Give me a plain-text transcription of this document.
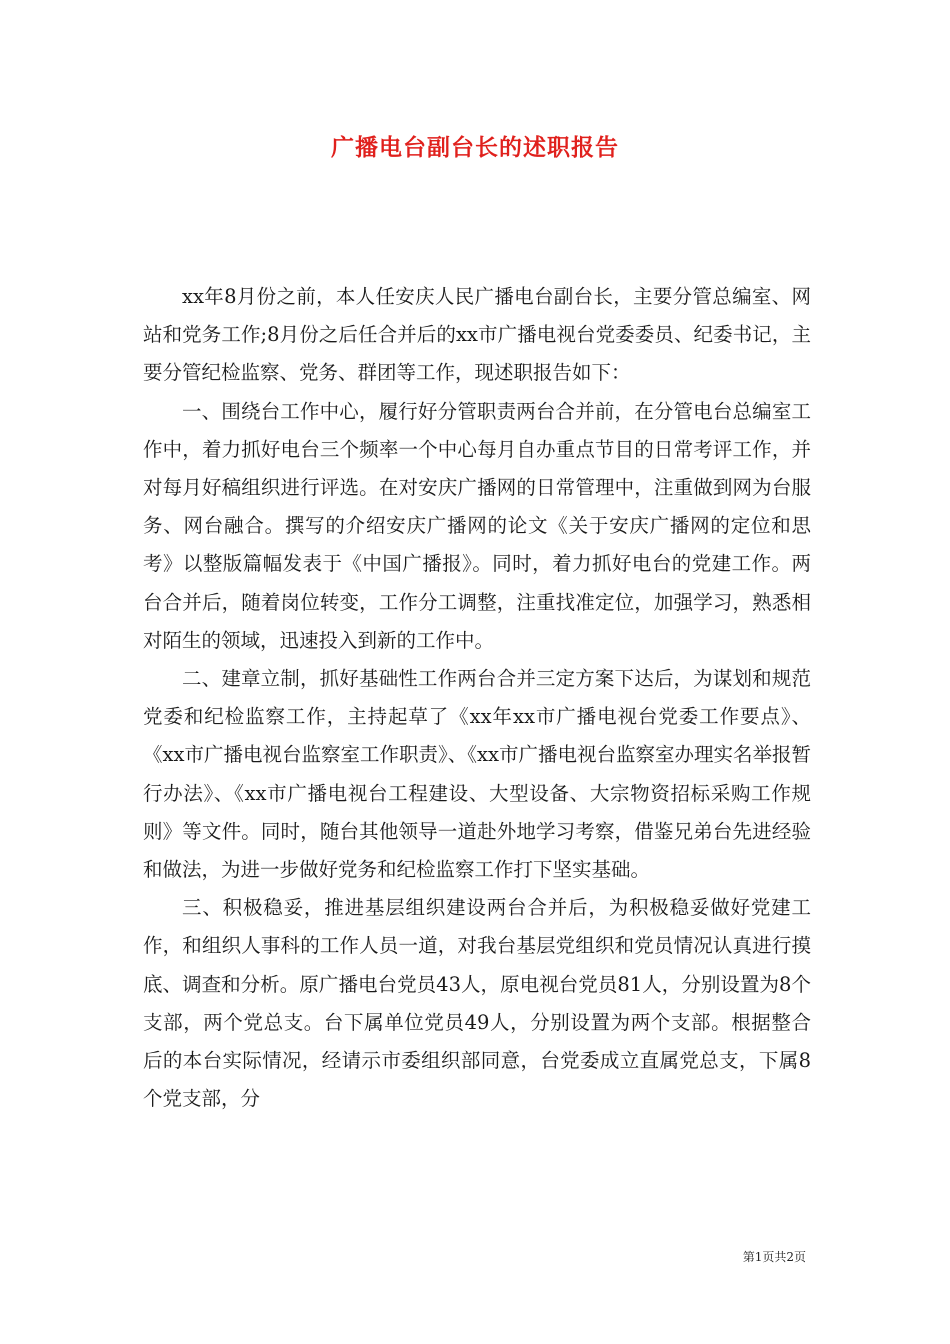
广播电台副台长的述职报告

xx年8月份之前，本人任安庆人民广播电台副台长，主要分管总编室、网站和党务工作;8月份之后任合并后的xx市广播电视台党委委员、纪委书记，主要分管纪检监察、党务、群团等工作，现述职报告如下：

一、围绕台工作中心，履行好分管职责两台合并前，在分管电台总编室工作中，着力抓好电台三个频率一个中心每月自办重点节目的日常考评工作，并对每月好稿组织进行评选。在对安庆广播网的日常管理中，注重做到网为台服务、网台融合。撰写的介绍安庆广播网的论文《关于安庆广播网的定位和思考》以整版篇幅发表于《中国广播报》。同时，着力抓好电台的党建工作。两台合并后，随着岗位转变，工作分工调整，注重找准定位，加强学习，熟悉相对陌生的领域，迅速投入到新的工作中。

二、建章立制，抓好基础性工作两台合并三定方案下达后，为谋划和规范党委和纪检监察工作，主持起草了《xx年xx市广播电视台党委工作要点》、《xx市广播电视台监察室工作职责》、《xx市广播电视台监察室办理实名举报暂行办法》、《xx市广播电视台工程建设、大型设备、大宗物资招标采购工作规则》等文件。同时，随台其他领导一道赴外地学习考察，借鉴兄弟台先进经验和做法，为进一步做好党务和纪检监察工作打下坚实基础。

三、积极稳妥，推进基层组织建设两台合并后，为积极稳妥做好党建工作，和组织人事科的工作人员一道，对我台基层党组织和党员情况认真进行摸底、调查和分析。原广播电台党员43人，原电视台党员81人，分别设置为8个支部，两个党总支。台下属单位党员49人，分别设置为两个支部。根据整合后的本台实际情况，经请示市委组织部同意，台党委成立直属党总支，下属8个党支部，分

第1页共2页
